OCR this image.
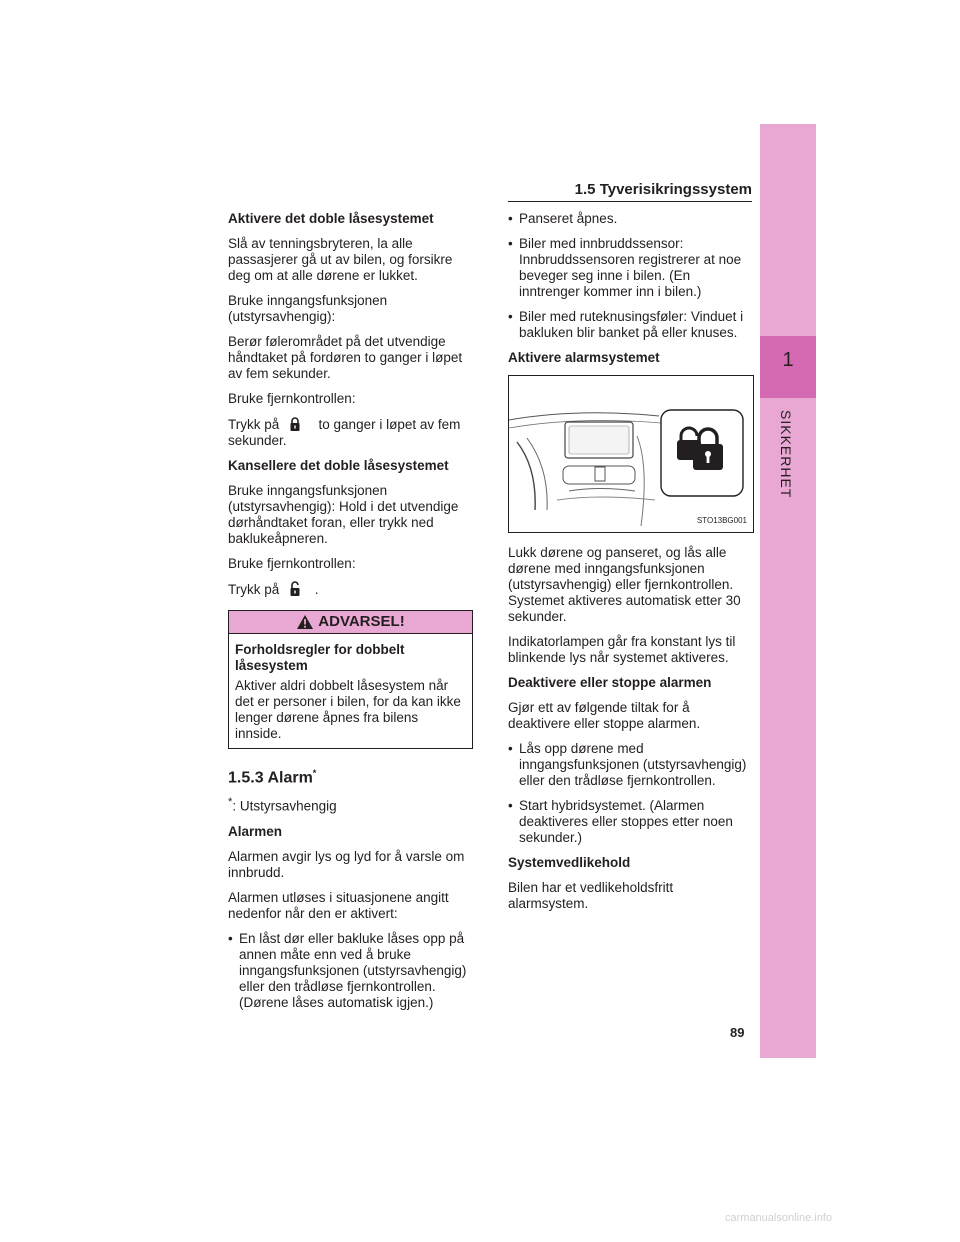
1
SIKKERHET
1.5 Tyverisikringssystem

Aktivere det doble låsesystemet

Slå av tenningsbryteren, la alle passasjerer gå ut av bilen, og forsikre deg om at alle dørene er lukket.

Bruke inngangsfunksjonen (utstyrsavhengig):

Berør følerområdet på det utvendige håndtaket på fordøren to ganger i løpet av fem sekunder.

Bruke fjernkontrollen:

Trykk på	to ganger i løpet av fem sekunder.

Kansellere det doble låsesystemet

Bruke inngangsfunksjonen (utstyrsavhengig): Hold i det utvendige dørhåndtaket foran, eller trykk ned baklukeåpneren.

Bruke fjernkontrollen:

Trykk på	.

ADVARSEL!

Forholdsregler for dobbelt låsesystem

Aktiver aldri dobbelt låsesystem når det er personer i bilen, for da kan ikke lenger dørene åpnes fra bilens innside.

1.5.3 Alarm*

*: Utstyrsavhengig

Alarmen

Alarmen avgir lys og lyd for å varsle om innbrudd.

Alarmen utløses i situasjonene angitt nedenfor når den er aktivert:

• En låst dør eller bakluke låses opp på annen måte enn ved å bruke inngangsfunksjonen (utstyrsavhengig) eller den trådløse fjernkontrollen. (Dørene låses automatisk igjen.)

• Panseret åpnes.

• Biler med innbruddssensor: Innbruddssensoren registrerer at noe beveger seg inne i bilen. (En inntrenger kommer inn i bilen.)

• Biler med ruteknusingsføler: Vinduet i bakluken blir banket på eller knuses.

Aktivere alarmsystemet

STO13BG001

Lukk dørene og panseret, og lås alle dørene med inngangsfunksjonen (utstyrsavhengig) eller fjernkontrollen. Systemet aktiveres automatisk etter 30 sekunder.

Indikatorlampen går fra konstant lys til blinkende lys når systemet aktiveres.

Deaktivere eller stoppe alarmen

Gjør ett av følgende tiltak for å deaktivere eller stoppe alarmen.

• Lås opp dørene med inngangsfunksjonen (utstyrsavhengig) eller den trådløse fjernkontrollen.

• Start hybridsystemet. (Alarmen deaktiveres eller stoppes etter noen sekunder.)

Systemvedlikehold

Bilen har et vedlikeholdsfritt alarmsystem.

89
carmanualsonline.info
